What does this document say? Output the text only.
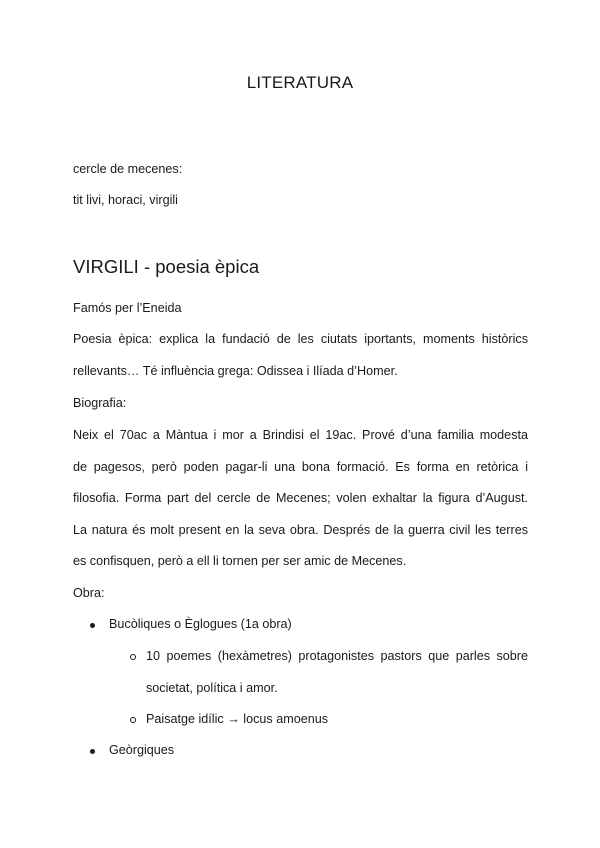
LITERATURA
cercle de mecenes:
tit livi, horaci, virgili
VIRGILI - poesia èpica
Famós per l’Eneida
Poesia èpica: explica la fundació de les ciutats iportants, moments històrics
rellevants… Té influència grega: Odissea i Ilíada d’Homer.
Biografia:
Neix el 70ac a Màntua i mor a Brindisi el 19ac. Prové d’una familia modesta
de pagesos, però poden pagar-li una bona formació. Es forma en retòrica i
filosofia. Forma part del cercle de Mecenes; volen exhaltar la figura d’August.
La natura és molt present en la seva obra. Després de la guerra civil les terres
es confisquen, però a ell li tornen per ser amic de Mecenes.
Obra:
Bucòliques o Èglogues (1a obra)
10 poemes (hexàmetres) protagonistes pastors que parles sobre
societat, política i amor.
Paisatge idílic → locus amoenus
Geòrgiques
